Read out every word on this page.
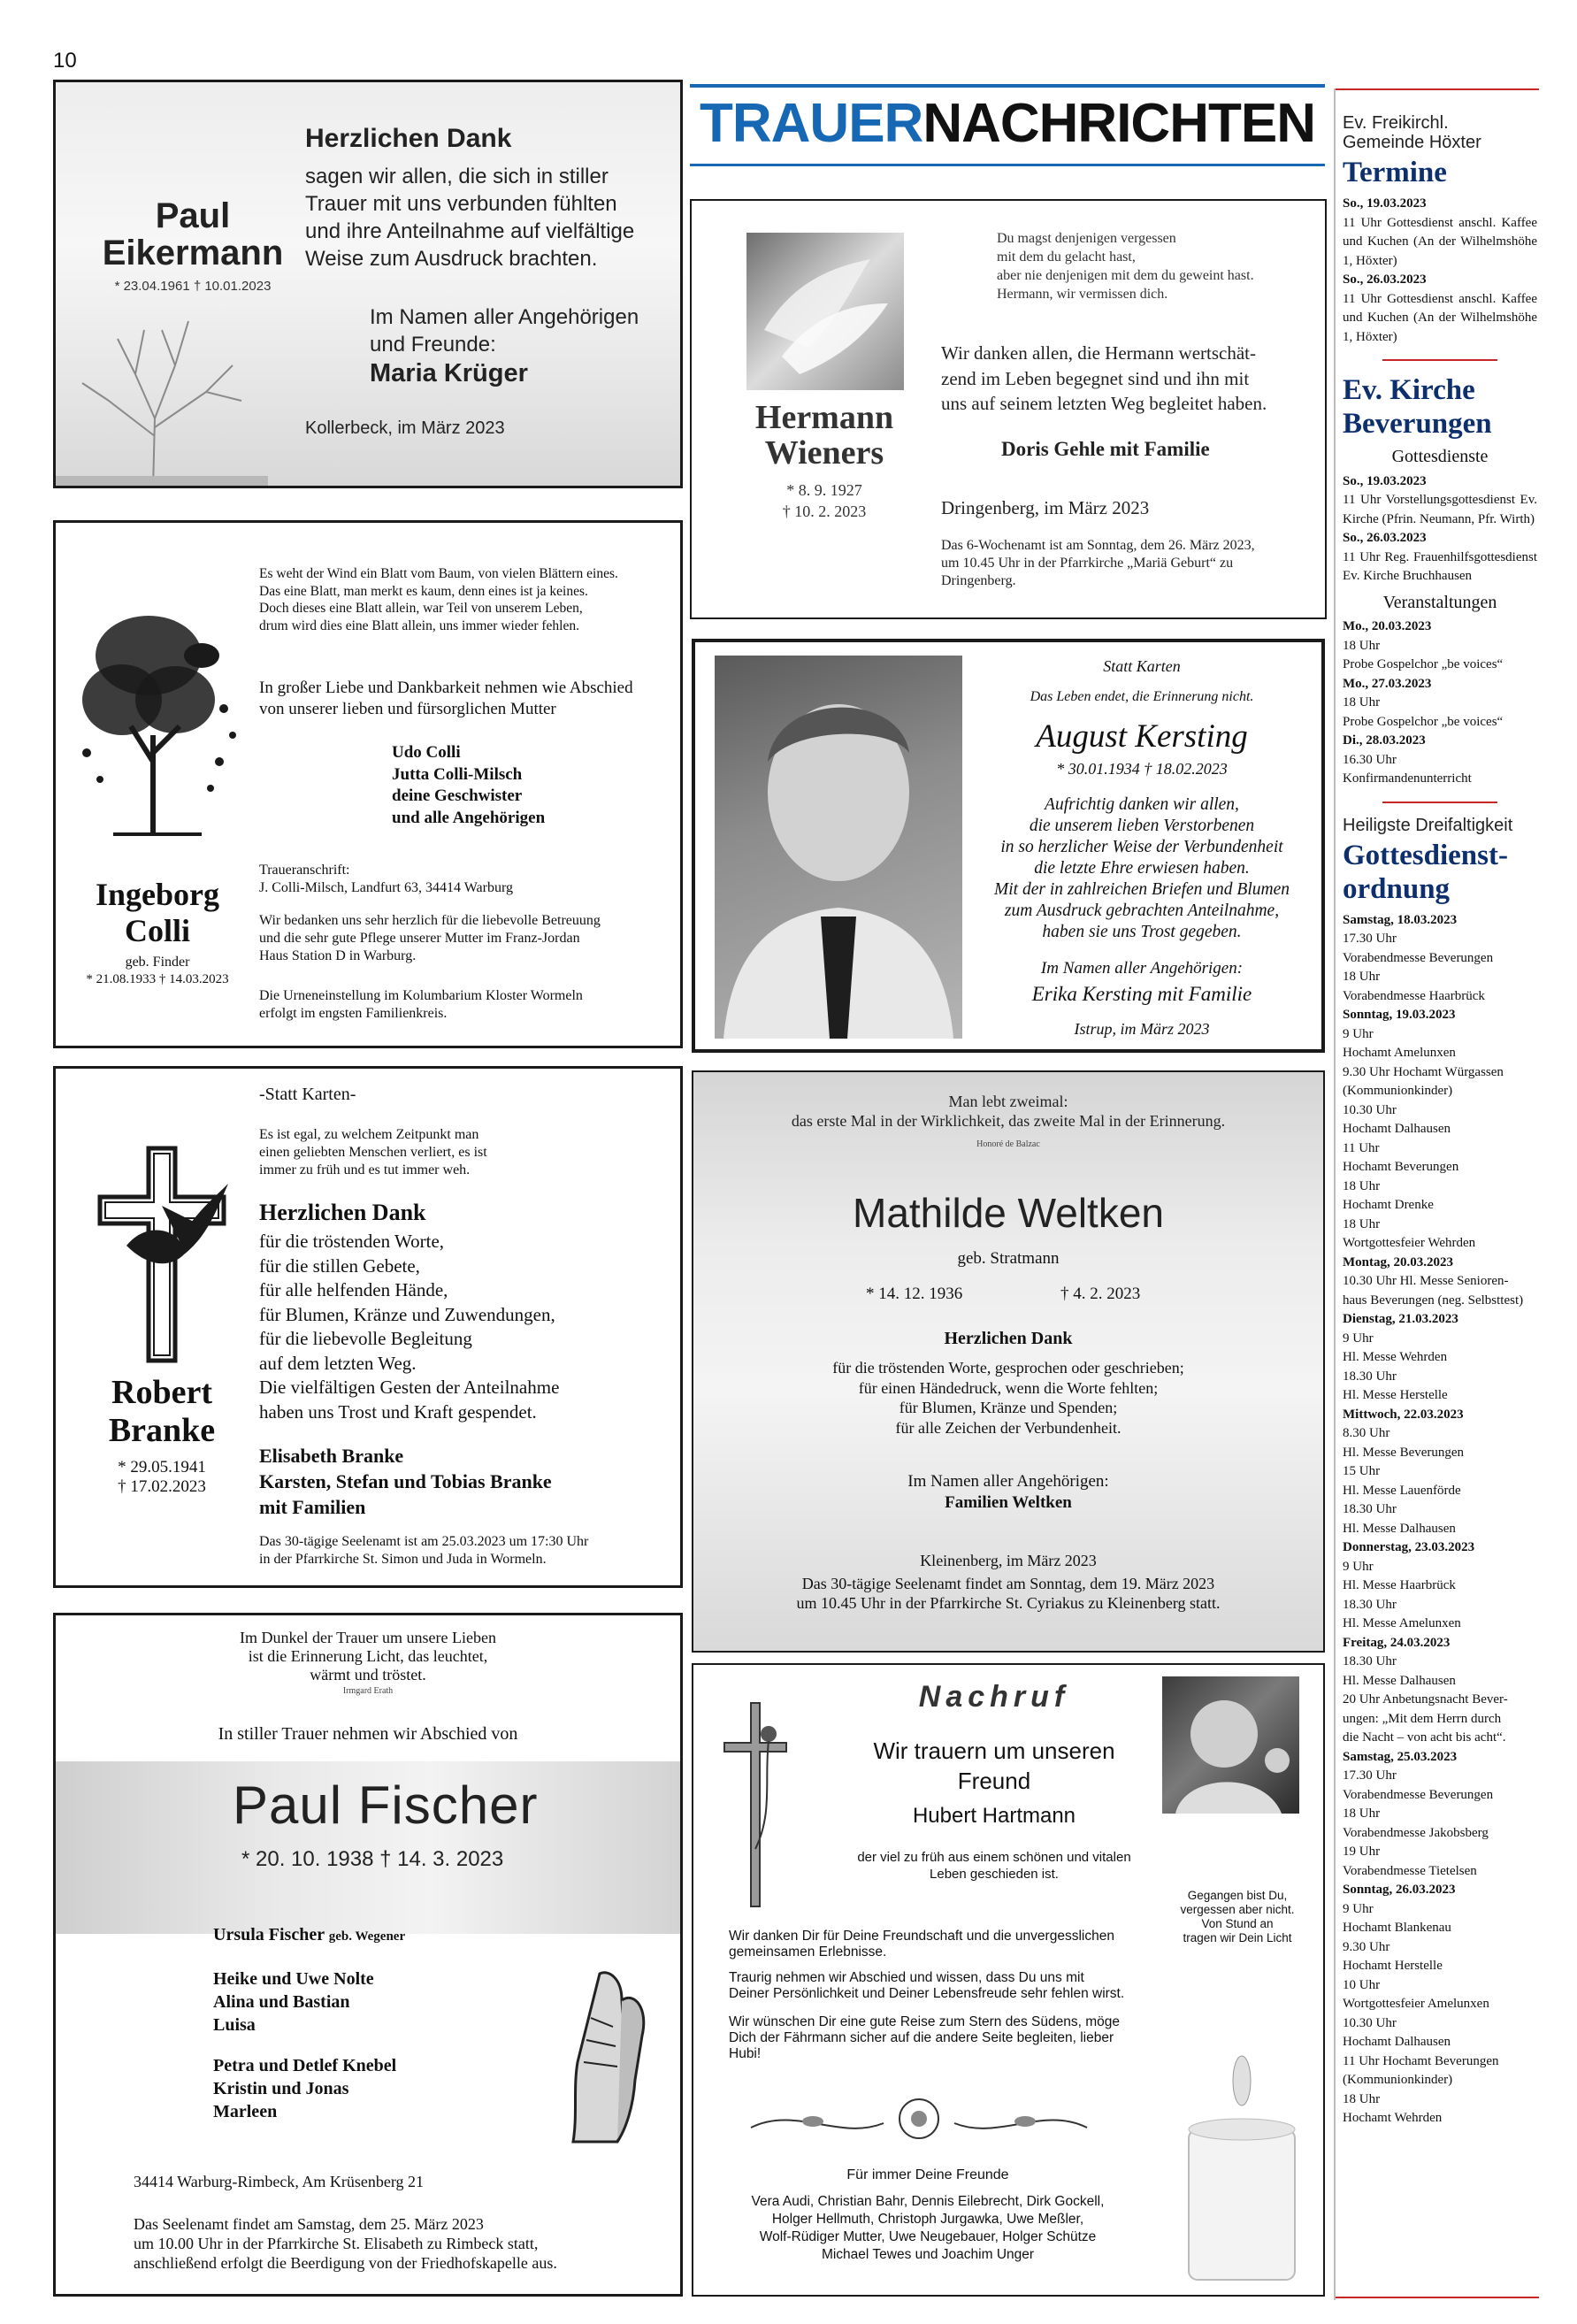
10
Paul
Eikermann
* 23.04.1961 † 10.01.2023
Herzlichen Dank
sagen wir allen, die sich in stiller
Trauer mit uns verbunden fühlten
und ihre Anteilnahme auf vielfältige
Weise zum Ausdruck brachten.
Im Namen aller Angehörigen
und Freunde:
Maria Krüger
Kollerbeck, im März 2023
Ingeborg
Colli
geb. Finder
* 21.08.1933 † 14.03.2023
Es weht der Wind ein Blatt vom Baum, von vielen Blättern eines.
Das eine Blatt, man merkt es kaum, denn eines ist ja keines.
Doch dieses eine Blatt allein, war Teil von unserem Leben,
drum wird dies eine Blatt allein, uns immer wieder fehlen.
In großer Liebe und Dankbarkeit nehmen wie Abschied
von unserer lieben und fürsorglichen Mutter
Udo Colli
Jutta Colli-Milsch
deine Geschwister
und alle Angehörigen
Traueranschrift:
J. Colli-Milsch, Landfurt 63, 34414 Warburg
Wir bedanken uns sehr herzlich für die liebevolle Betreuung
und die sehr gute Pflege unserer Mutter im Franz-Jordan
Haus Station D in Warburg.
Die Urneneinstellung im Kolumbarium Kloster Wormeln
erfolgt im engsten Familienkreis.
Robert
Branke
* 29.05.1941
† 17.02.2023
-Statt Karten-
Es ist egal, zu welchem Zeitpunkt man
einen geliebten Menschen verliert, es ist
immer zu früh und es tut immer weh.
Herzlichen Dank
für die tröstenden Worte,
für die stillen Gebete,
für alle helfenden Hände,
für Blumen, Kränze und Zuwendungen,
für die liebevolle Begleitung
auf dem letzten Weg.
Die vielfältigen Gesten der Anteilnahme
haben uns Trost und Kraft gespendet.
Elisabeth Branke
Karsten, Stefan und Tobias Branke
mit Familien
Das 30-tägige Seelenamt ist am 25.03.2023 um 17:30 Uhr
in der Pfarrkirche St. Simon und Juda in Wormeln.
Im Dunkel der Trauer um unsere Lieben
ist die Erinnerung Licht, das leuchtet,
wärmt und tröstet.
Irmgard Erath
In stiller Trauer nehmen wir Abschied von
Paul Fischer
* 20. 10. 1938 † 14. 3. 2023
Ursula Fischer geb. Wegener
Heike und Uwe Nolte
Alina und Bastian
Luisa
Petra und Detlef Knebel
Kristin und Jonas
Marleen
34414 Warburg-Rimbeck, Am Krüsenberg 21
Das Seelenamt findet am Samstag, dem 25. März 2023
um 10.00 Uhr in der Pfarrkirche St. Elisabeth zu Rimbeck statt,
anschließend erfolgt die Beerdigung von der Friedhofskapelle aus.
TRAUERNACHRICHTEN
Hermann
Wieners
* 8. 9. 1927
† 10. 2. 2023
Du magst denjenigen vergessen
mit dem du gelacht hast,
aber nie denjenigen mit dem du geweint hast.
Hermann, wir vermissen dich.
Wir danken allen, die Hermann wertschät-
zend im Leben begegnet sind und ihn mit
uns auf seinem letzten Weg begleitet haben.
Doris Gehle mit Familie
Dringenberg, im März 2023
Das 6-Wochenamt ist am Sonntag, dem 26. März 2023,
um 10.45 Uhr in der Pfarrkirche „Mariä Geburt“ zu
Dringenberg.
Statt Karten
Das Leben endet, die Erinnerung nicht.
August Kersting
* 30.01.1934 † 18.02.2023
Aufrichtig danken wir allen,
die unserem lieben Verstorbenen
in so herzlicher Weise der Verbundenheit
die letzte Ehre erwiesen haben.
Mit der in zahlreichen Briefen und Blumen
zum Ausdruck gebrachten Anteilnahme,
haben sie uns Trost gegeben.
Im Namen aller Angehörigen:
Erika Kersting mit Familie
Istrup, im März 2023
Man lebt zweimal:
das erste Mal in der Wirklichkeit, das zweite Mal in der Erinnerung.
Honoré de Balzac
Mathilde Weltken
geb. Stratmann
* 14. 12. 1936	† 4. 2. 2023
Herzlichen Dank
für die tröstenden Worte, gesprochen oder geschrieben;
für einen Händedruck, wenn die Worte fehlten;
für Blumen, Kränze und Spenden;
für alle Zeichen der Verbundenheit.
Im Namen aller Angehörigen:
Familien Weltken
Kleinenberg, im März 2023
Das 30-tägige Seelenamt findet am Sonntag, dem 19. März 2023
um 10.45 Uhr in der Pfarrkirche St. Cyriakus zu Kleinenberg statt.
Nachruf
Wir trauern um unseren
Freund
Hubert Hartmann
der viel zu früh aus einem schönen und vitalen
Leben geschieden ist.
Gegangen bist Du,
vergessen aber nicht.
Von Stund an
tragen wir Dein Licht
Wir danken Dir für Deine Freundschaft und die unvergesslichen
gemeinsamen Erlebnisse.
Traurig nehmen wir Abschied und wissen, dass Du uns mit
Deiner Persönlichkeit und Deiner Lebensfreude sehr fehlen wirst.
Wir wünschen Dir eine gute Reise zum Stern des Südens, möge
Dich der Fährmann sicher auf die andere Seite begleiten, lieber
Hubi!
Für immer Deine Freunde
Vera Audi, Christian Bahr, Dennis Eilebrecht, Dirk Gockell,
Holger Hellmuth, Christoph Jurgawka, Uwe Meßler,
Wolf-Rüdiger Mutter, Uwe Neugebauer, Holger Schütze
Michael Tewes und Joachim Unger
Ev. Freikirchl.
Gemeinde Höxter
Termine
So., 19.03.2023
11 Uhr Gottesdienst anschl. Kaffee und Kuchen (An der Wilhelmshöhe 1, Höxter)
So., 26.03.2023
11 Uhr Gottesdienst anschl. Kaffee und Kuchen (An der Wilhelmshöhe 1, Höxter)
Ev. Kirche
Beverungen
Gottesdienste
So., 19.03.2023
11 Uhr Vorstellungsgottesdienst Ev. Kirche (Pfrin. Neumann, Pfr. Wirth)
So., 26.03.2023
11 Uhr Reg. Frauenhilfsgottesdienst Ev. Kirche Bruchhausen
Veranstaltungen
Mo., 20.03.2023
18 Uhr
Probe Gospelchor „be voices“
Mo., 27.03.2023
18 Uhr
Probe Gospelchor „be voices“
Di., 28.03.2023
16.30 Uhr
Konfirmandenunterricht
Heiligste Dreifaltigkeit
Gottesdienst-
ordnung
Samstag, 18.03.2023
17.30 Uhr
Vorabendmesse Beverungen
18 Uhr
Vorabendmesse Haarbrück
Sonntag, 19.03.2023
9 Uhr
Hochamt Amelunxen
9.30 Uhr Hochamt Würgassen (Kommunionkinder)
10.30 Uhr
Hochamt Dalhausen
11 Uhr
Hochamt Beverungen
18 Uhr
Hochamt Drenke
18 Uhr
Wortgottesfeier Wehrden
Montag, 20.03.2023
10.30 Uhr Hl. Messe Senioren-
haus Beverungen (neg. Selbsttest)
Dienstag, 21.03.2023
9 Uhr
Hl. Messe Wehrden
18.30 Uhr
Hl. Messe Herstelle
Mittwoch, 22.03.2023
8.30 Uhr
Hl. Messe Beverungen
15 Uhr
Hl. Messe Lauenförde
18.30 Uhr
Hl. Messe Dalhausen
Donnerstag, 23.03.2023
9 Uhr
Hl. Messe Haarbrück
18.30 Uhr
Hl. Messe Amelunxen
Freitag, 24.03.2023
18.30 Uhr
Hl. Messe Dalhausen
20 Uhr Anbetungsnacht Bever-
ungen: „Mit dem Herrn durch
die Nacht – von acht bis acht“.
Samstag, 25.03.2023
17.30 Uhr
Vorabendmesse Beverungen
18 Uhr
Vorabendmesse Jakobsberg
19 Uhr
Vorabendmesse Tietelsen
Sonntag, 26.03.2023
9 Uhr
Hochamt Blankenau
9.30 Uhr
Hochamt Herstelle
10 Uhr
Wortgottesfeier Amelunxen
10.30 Uhr
Hochamt Dalhausen
11 Uhr Hochamt Beverungen (Kommunionkinder)
18 Uhr
Hochamt Wehrden
